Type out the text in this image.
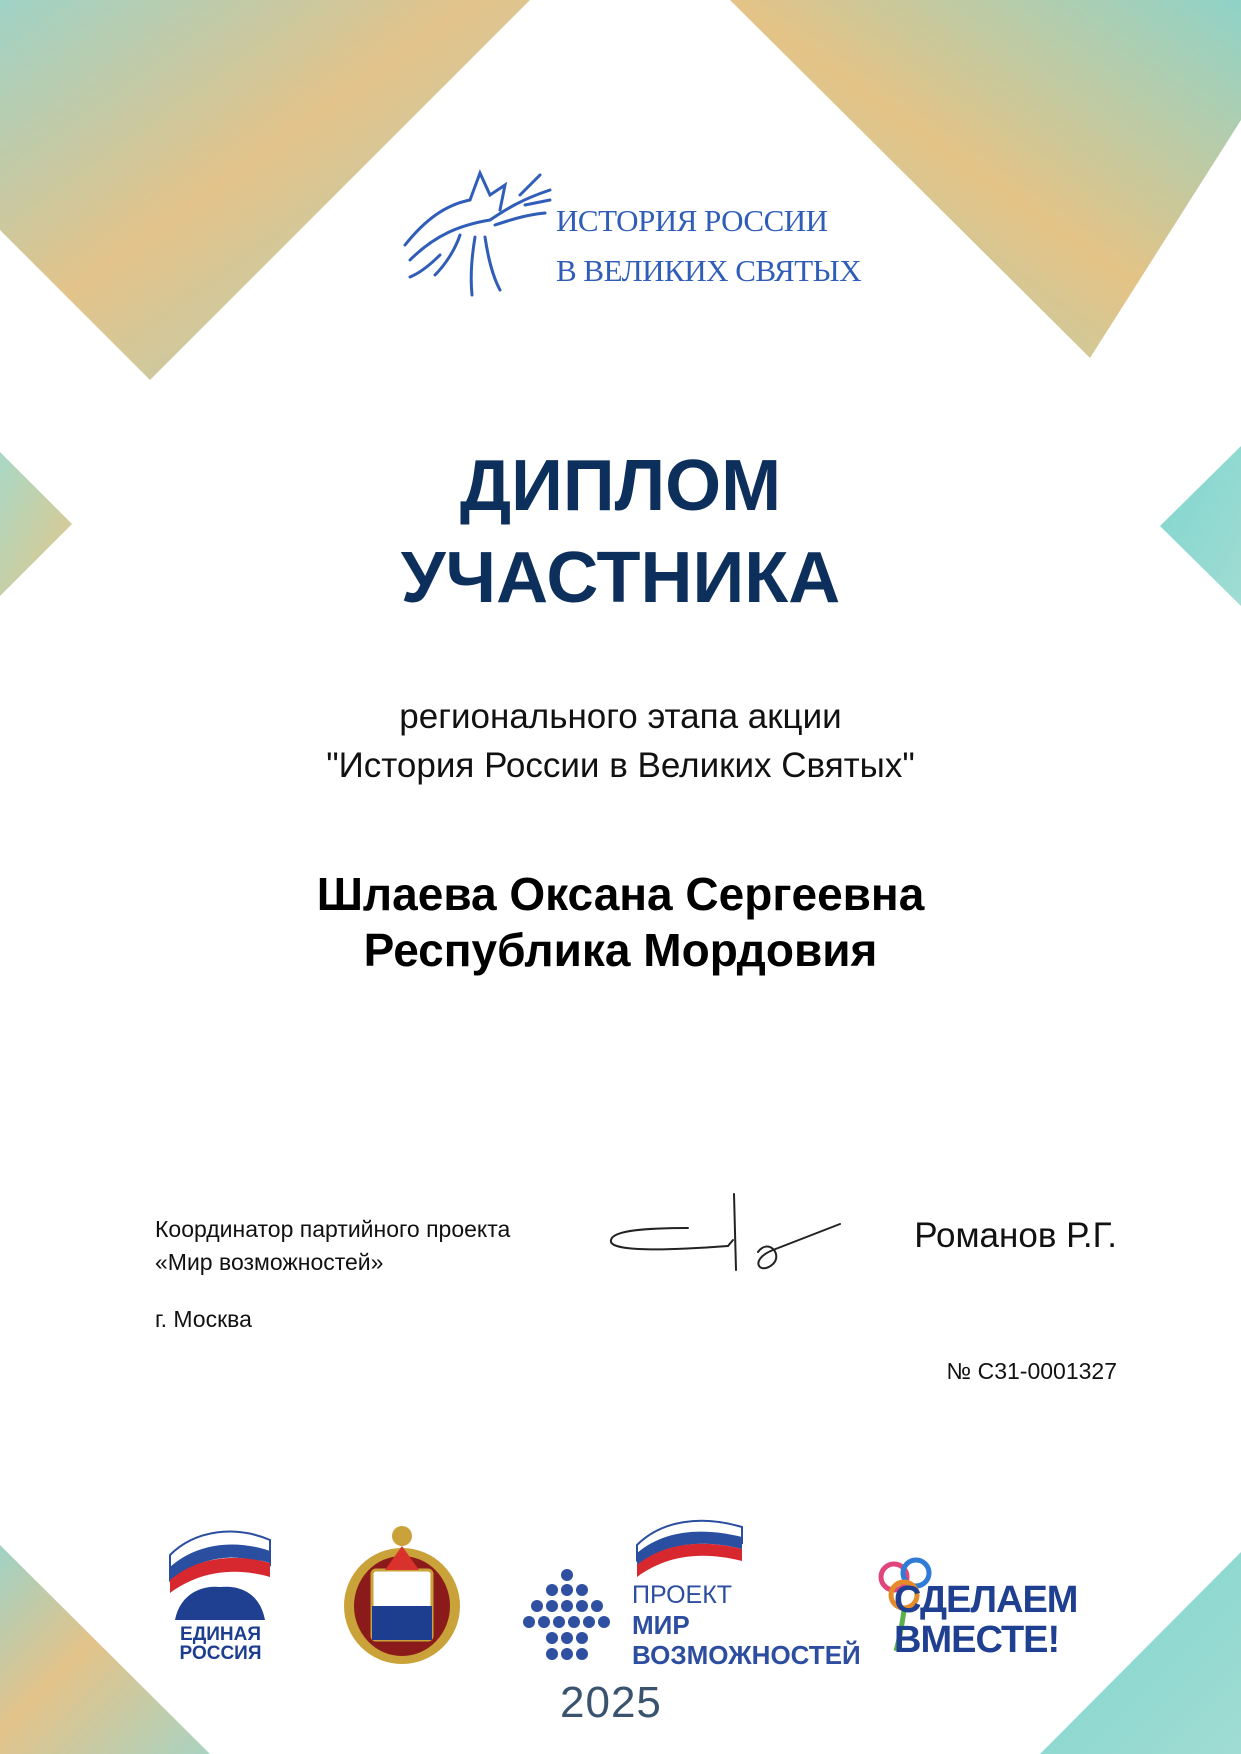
ИСТОРИЯ РОССИИ
В ВЕЛИКИХ СВЯТЫХ
ДИПЛОМ
УЧАСТНИКА
регионального этапа акции
"История России в Великих Святых"
Шлаева Оксана Сергеевна
Республика Мордовия
Координатор партийного проекта
«Мир возможностей»
г. Москва
Романов Р.Г.
№ С31-0001327
ЕДИНАЯ
РОССИЯ
ПРОЕКТ
МИР
ВОЗМОЖНОСТЕЙ
СДЕЛАЕМ
ВМЕСТЕ!
2025
